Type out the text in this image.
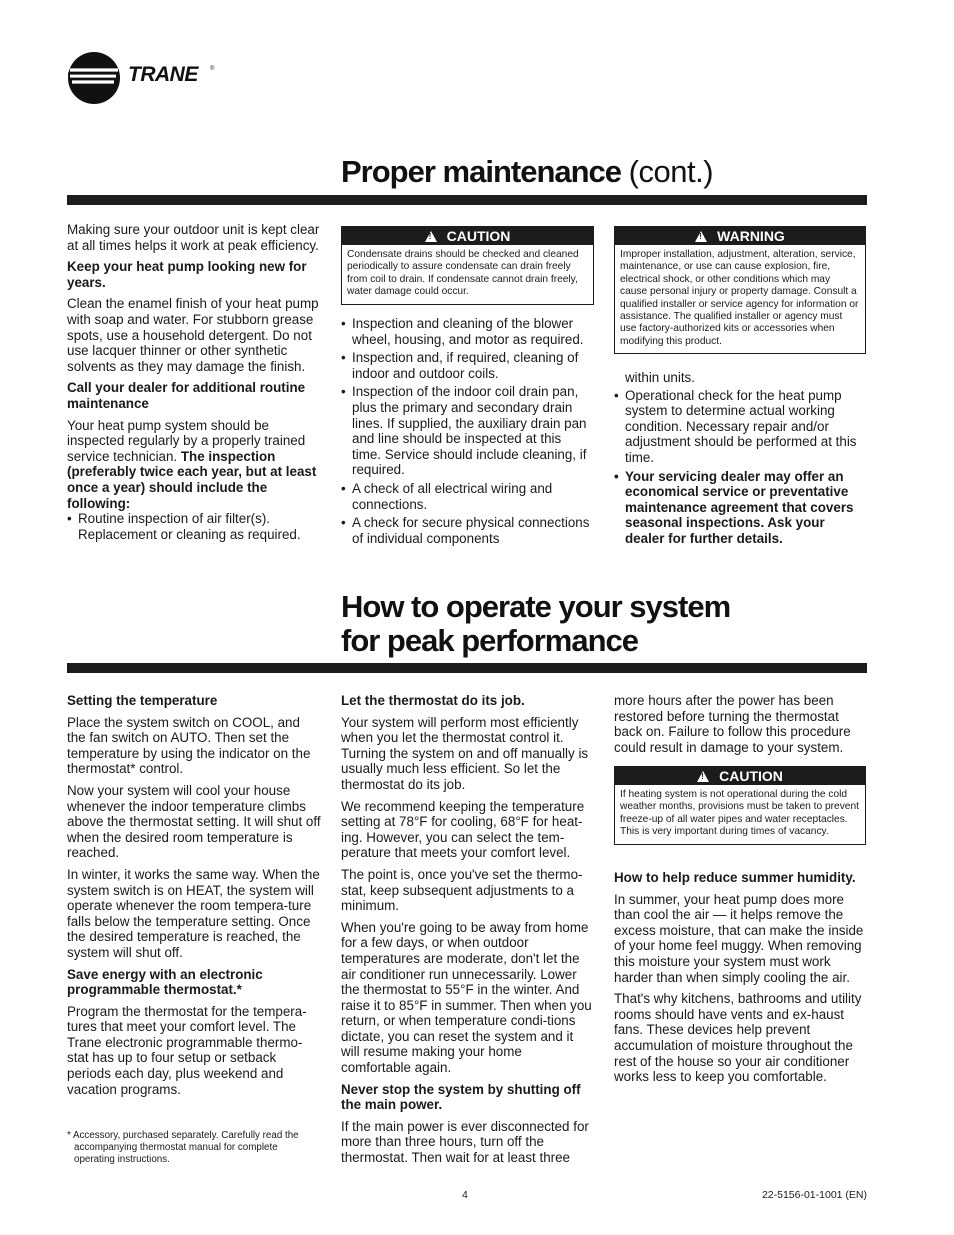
TRANE ®
Proper maintenance (cont.)

Making sure your outdoor unit is kept clear at all times helps it work at peak efficiency.

Keep your heat pump looking new for years.

Clean the enamel finish of your heat pump with soap and water. For stubborn grease spots, use a household detergent. Do not use lacquer thinner or other synthetic solvents as they may damage the finish.

Call your dealer for additional routine maintenance

Your heat pump system should be inspected regularly by a properly trained service technician. The inspection (preferably twice each year, but at least once a year) should include the following:

• Routine inspection of air filter(s). Replacement or cleaning as required.
!CAUTION
Condensate drains should be checked and cleaned periodically to assure condensate can drain freely from coil to drain. If condensate cannot drain freely, water damage could occur.
• Inspection and cleaning of the blower wheel, housing, and motor as required.
• Inspection and, if required, cleaning of indoor and outdoor coils.
• Inspection of the indoor coil drain pan, plus the primary and secondary drain lines. If supplied, the auxiliary drain pan and line should be inspected at this time. Service should include cleaning, if required.
• A check of all electrical wiring and connections.
• A check for secure physical connections of individual components
!WARNING
Improper installation, adjustment, alteration, service, maintenance, or use can cause explosion, fire, electrical shock, or other conditions which may cause personal injury or property damage. Consult a qualified installer or service agency for information or assistance. The qualified installer or agency must use factory-authorized kits or accessories when modifying this product.

within units.

• Operational check for the heat pump system to determine actual working condition. Necessary repair and/or adjustment should be performed at this time.
• Your servicing dealer may offer an economical service or preventative maintenance agreement that covers seasonal inspections. Ask your dealer for further details.
How to operate your system
for peak performance

Setting the temperature

Place the system switch on COOL, and the fan switch on AUTO. Then set the temperature by using the indicator on the thermostat* control.

Now your system will cool your house whenever the indoor temperature climbs above the thermostat setting. It will shut off when the desired room temperature is reached.

In winter, it works the same way. When the system switch is on HEAT, the system will operate whenever the room tempera-ture falls below the temperature setting. Once the desired temperature is reached, the system will shut off.

Save energy with an electronic programmable thermostat.*

Program the thermostat for the tempera-tures that meet your comfort level. The Trane electronic programmable thermo-stat has up to four setup or setback periods each day, plus weekend and vacation programs.

* Accessory, purchased separately. Carefully read the
accompanying thermostat manual for complete
operating instructions.

Let the thermostat do its job.

Your system will perform most efficiently when you let the thermostat control it. Turning the system on and off manually is usually much less efficient. So let the thermostat do its job.

We recommend keeping the temperature setting at 78°F for cooling, 68°F for heat-ing. However, you can select the tem-perature that meets your comfort level.

The point is, once you've set the thermo-stat, keep subsequent adjustments to a minimum.

When you're going to be away from home for a few days, or when outdoor temperatures are moderate, don't let the air conditioner run unnecessarily. Lower the thermostat to 55°F in the winter. And raise it to 85°F in summer. Then when you return, or when temperature condi-tions dictate, you can reset the system and it will resume making your home comfortable again.

Never stop the system by shutting off the main power.

If the main power is ever disconnected for more than three hours, turn off the thermostat. Then wait for at least three

more hours after the power has been restored before turning the thermostat back on. Failure to follow this procedure could result in damage to your system.

!CAUTION
If heating system is not operational during the cold weather months, provisions must be taken to prevent freeze-up of all water pipes and water receptacles. This is very important during times of vacancy.

How to help reduce summer humidity.

In summer, your heat pump does more than cool the air — it helps remove the excess moisture, that can make the inside of your home feel muggy. When removing this moisture your system must work harder than when simply cooling the air.

That's why kitchens, bathrooms and utility rooms should have vents and ex-haust fans. These devices help prevent accumulation of moisture throughout the rest of the house so your air conditioner works less to keep you comfortable.

4	22-5156-01-1001 (EN)
